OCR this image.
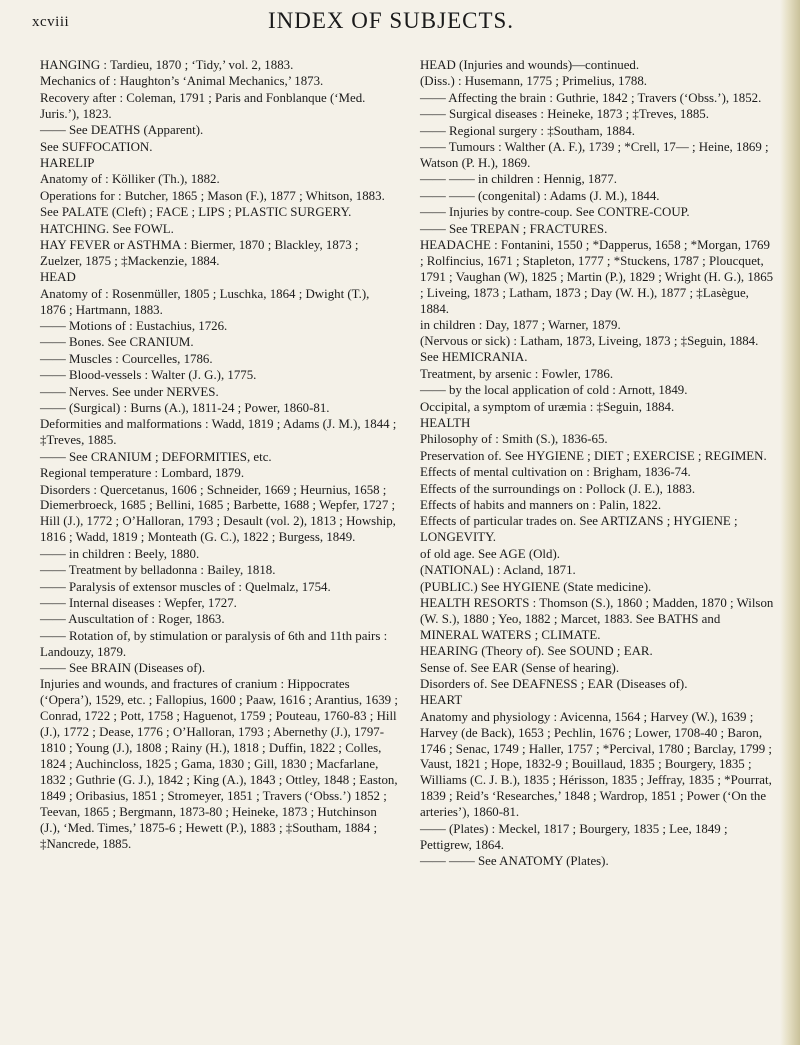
xcviii	INDEX OF SUBJECTS.
HANGING : Tardieu, 1870 ; ‘Tidy,’ vol. 2, 1883.
Mechanics of : Haughton’s ‘Animal Mechanics,’ 1873.
Recovery after : Coleman, 1791 ; Paris and Fonblanque (‘Med. Juris.’), 1823.
—— See DEATHS (Apparent).
See SUFFOCATION.
HARELIP
Anatomy of : Kölliker (Th.), 1882.
Operations for : Butcher, 1865 ; Mason (F.), 1877 ; Whitson, 1883.
See PALATE (Cleft) ; FACE ; LIPS ; PLASTIC SURGERY.
HATCHING. See FOWL.
HAY FEVER or ASTHMA : Biermer, 1870 ; Blackley, 1873 ; Zuelzer, 1875 ; ‡Mackenzie, 1884.
HEAD
Anatomy of : Rosenmüller, 1805 ; Luschka, 1864 ; Dwight (T.), 1876 ; Hartmann, 1883.
—— Motions of : Eustachius, 1726.
—— Bones. See CRANIUM.
—— Muscles : Courcelles, 1786.
—— Blood-vessels : Walter (J. G.), 1775.
—— Nerves. See under NERVES.
—— (Surgical) : Burns (A.), 1811-24 ; Power, 1860-81.
Deformities and malformations : Wadd, 1819 ; Adams (J. M.), 1844 ; ‡Treves, 1885.
—— See CRANIUM ; DEFORMITIES, etc.
Regional temperature : Lombard, 1879.
Disorders : Quercetanus, 1606 ; Schneider, 1669 ; Heurnius, 1658 ; Diemerbroeck, 1685 ; Bellini, 1685 ; Barbette, 1688 ; Wepfer, 1727 ; Hill (J.), 1772 ; O’Halloran, 1793 ; Desault (vol. 2), 1813 ; Howship, 1816 ; Wadd, 1819 ; Monteath (G. C.), 1822 ; Burgess, 1849.
—— in children : Beely, 1880.
—— Treatment by belladonna : Bailey, 1818.
—— Paralysis of extensor muscles of : Quelmalz, 1754.
—— Internal diseases : Wepfer, 1727.
—— Auscultation of : Roger, 1863.
—— Rotation of, by stimulation or paralysis of 6th and 11th pairs : Landouzy, 1879.
—— See BRAIN (Diseases of).
Injuries and wounds, and fractures of cranium : Hippocrates (‘Opera’), 1529, etc. ; Fallopius, 1600 ; Paaw, 1616 ; Arantius, 1639 ; Conrad, 1722 ; Pott, 1758 ; Haguenot, 1759 ; Pouteau, 1760-83 ; Hill (J.), 1772 ; Dease, 1776 ; O’Halloran, 1793 ; Abernethy (J.), 1797-1810 ; Young (J.), 1808 ; Rainy (H.), 1818 ; Duffin, 1822 ; Colles, 1824 ; Auchincloss, 1825 ; Gama, 1830 ; Gill, 1830 ; Macfarlane, 1832 ; Guthrie (G. J.), 1842 ; King (A.), 1843 ; Ottley, 1848 ; Easton, 1849 ; Oribasius, 1851 ; Stromeyer, 1851 ; Travers (‘Obss.’) 1852 ; Teevan, 1865 ; Bergmann, 1873-80 ; Heineke, 1873 ; Hutchinson (J.), ‘Med. Times,’ 1875-6 ; Hewett (P.), 1883 ; ‡Southam, 1884 ; ‡Nancrede, 1885.
HEAD (Injuries and wounds)—continued.
(Diss.) : Husemann, 1775 ; Primelius, 1788.
—— Affecting the brain : Guthrie, 1842 ; Travers (‘Obss.’), 1852.
—— Surgical diseases : Heineke, 1873 ; ‡Treves, 1885.
—— Regional surgery : ‡Southam, 1884.
—— Tumours : Walther (A. F.), 1739 ; *Crell, 17— ; Heine, 1869 ; Watson (P. H.), 1869.
—— —— in children : Hennig, 1877.
—— —— (congenital) : Adams (J. M.), 1844.
—— Injuries by contre-coup. See CONTRE-COUP.
—— See TREPAN ; FRACTURES.
HEADACHE : Fontanini, 1550 ; *Dapperus, 1658 ; *Morgan, 1769 ; Rolfincius, 1671 ; Stapleton, 1777 ; *Stuckens, 1787 ; Ploucquet, 1791 ; Vaughan (W), 1825 ; Martin (P.), 1829 ; Wright (H. G.), 1865 ; Liveing, 1873 ; Latham, 1873 ; Day (W. H.), 1877 ; ‡Lasègue, 1884.
in children : Day, 1877 ; Warner, 1879.
(Nervous or sick) : Latham, 1873, Liveing, 1873 ; ‡Seguin, 1884. See HEMICRANIA.
Treatment, by arsenic : Fowler, 1786.
—— by the local application of cold : Arnott, 1849.
Occipital, a symptom of uræmia : ‡Seguin, 1884.
HEALTH
Philosophy of : Smith (S.), 1836-65.
Preservation of. See HYGIENE ; DIET ; EXERCISE ; REGIMEN.
Effects of mental cultivation on : Brigham, 1836-74.
Effects of the surroundings on : Pollock (J. E.), 1883.
Effects of habits and manners on : Palin, 1822.
Effects of particular trades on. See ARTIZANS ; HYGIENE ; LONGEVITY.
of old age. See AGE (Old).
(NATIONAL) : Acland, 1871.
(PUBLIC.) See HYGIENE (State medicine).
HEALTH RESORTS : Thomson (S.), 1860 ; Madden, 1870 ; Wilson (W. S.), 1880 ; Yeo, 1882 ; Marcet, 1883. See BATHS and MINERAL WATERS ; CLIMATE.
HEARING (Theory of). See SOUND ; EAR.
Sense of. See EAR (Sense of hearing).
Disorders of. See DEAFNESS ; EAR (Diseases of).
HEART
Anatomy and physiology : Avicenna, 1564 ; Harvey (W.), 1639 ; Harvey (de Back), 1653 ; Pechlin, 1676 ; Lower, 1708-40 ; Baron, 1746 ; Senac, 1749 ; Haller, 1757 ; *Percival, 1780 ; Barclay, 1799 ; Vaust, 1821 ; Hope, 1832-9 ; Bouillaud, 1835 ; Bourgery, 1835 ; Williams (C. J. B.), 1835 ; Hérisson, 1835 ; Jeffray, 1835 ; *Pourrat, 1839 ; Reid’s ‘Researches,’ 1848 ; Wardrop, 1851 ; Power (‘On the arteries’), 1860-81.
—— (Plates) : Meckel, 1817 ; Bourgery, 1835 ; Lee, 1849 ; Pettigrew, 1864.
—— —— See ANATOMY (Plates).
